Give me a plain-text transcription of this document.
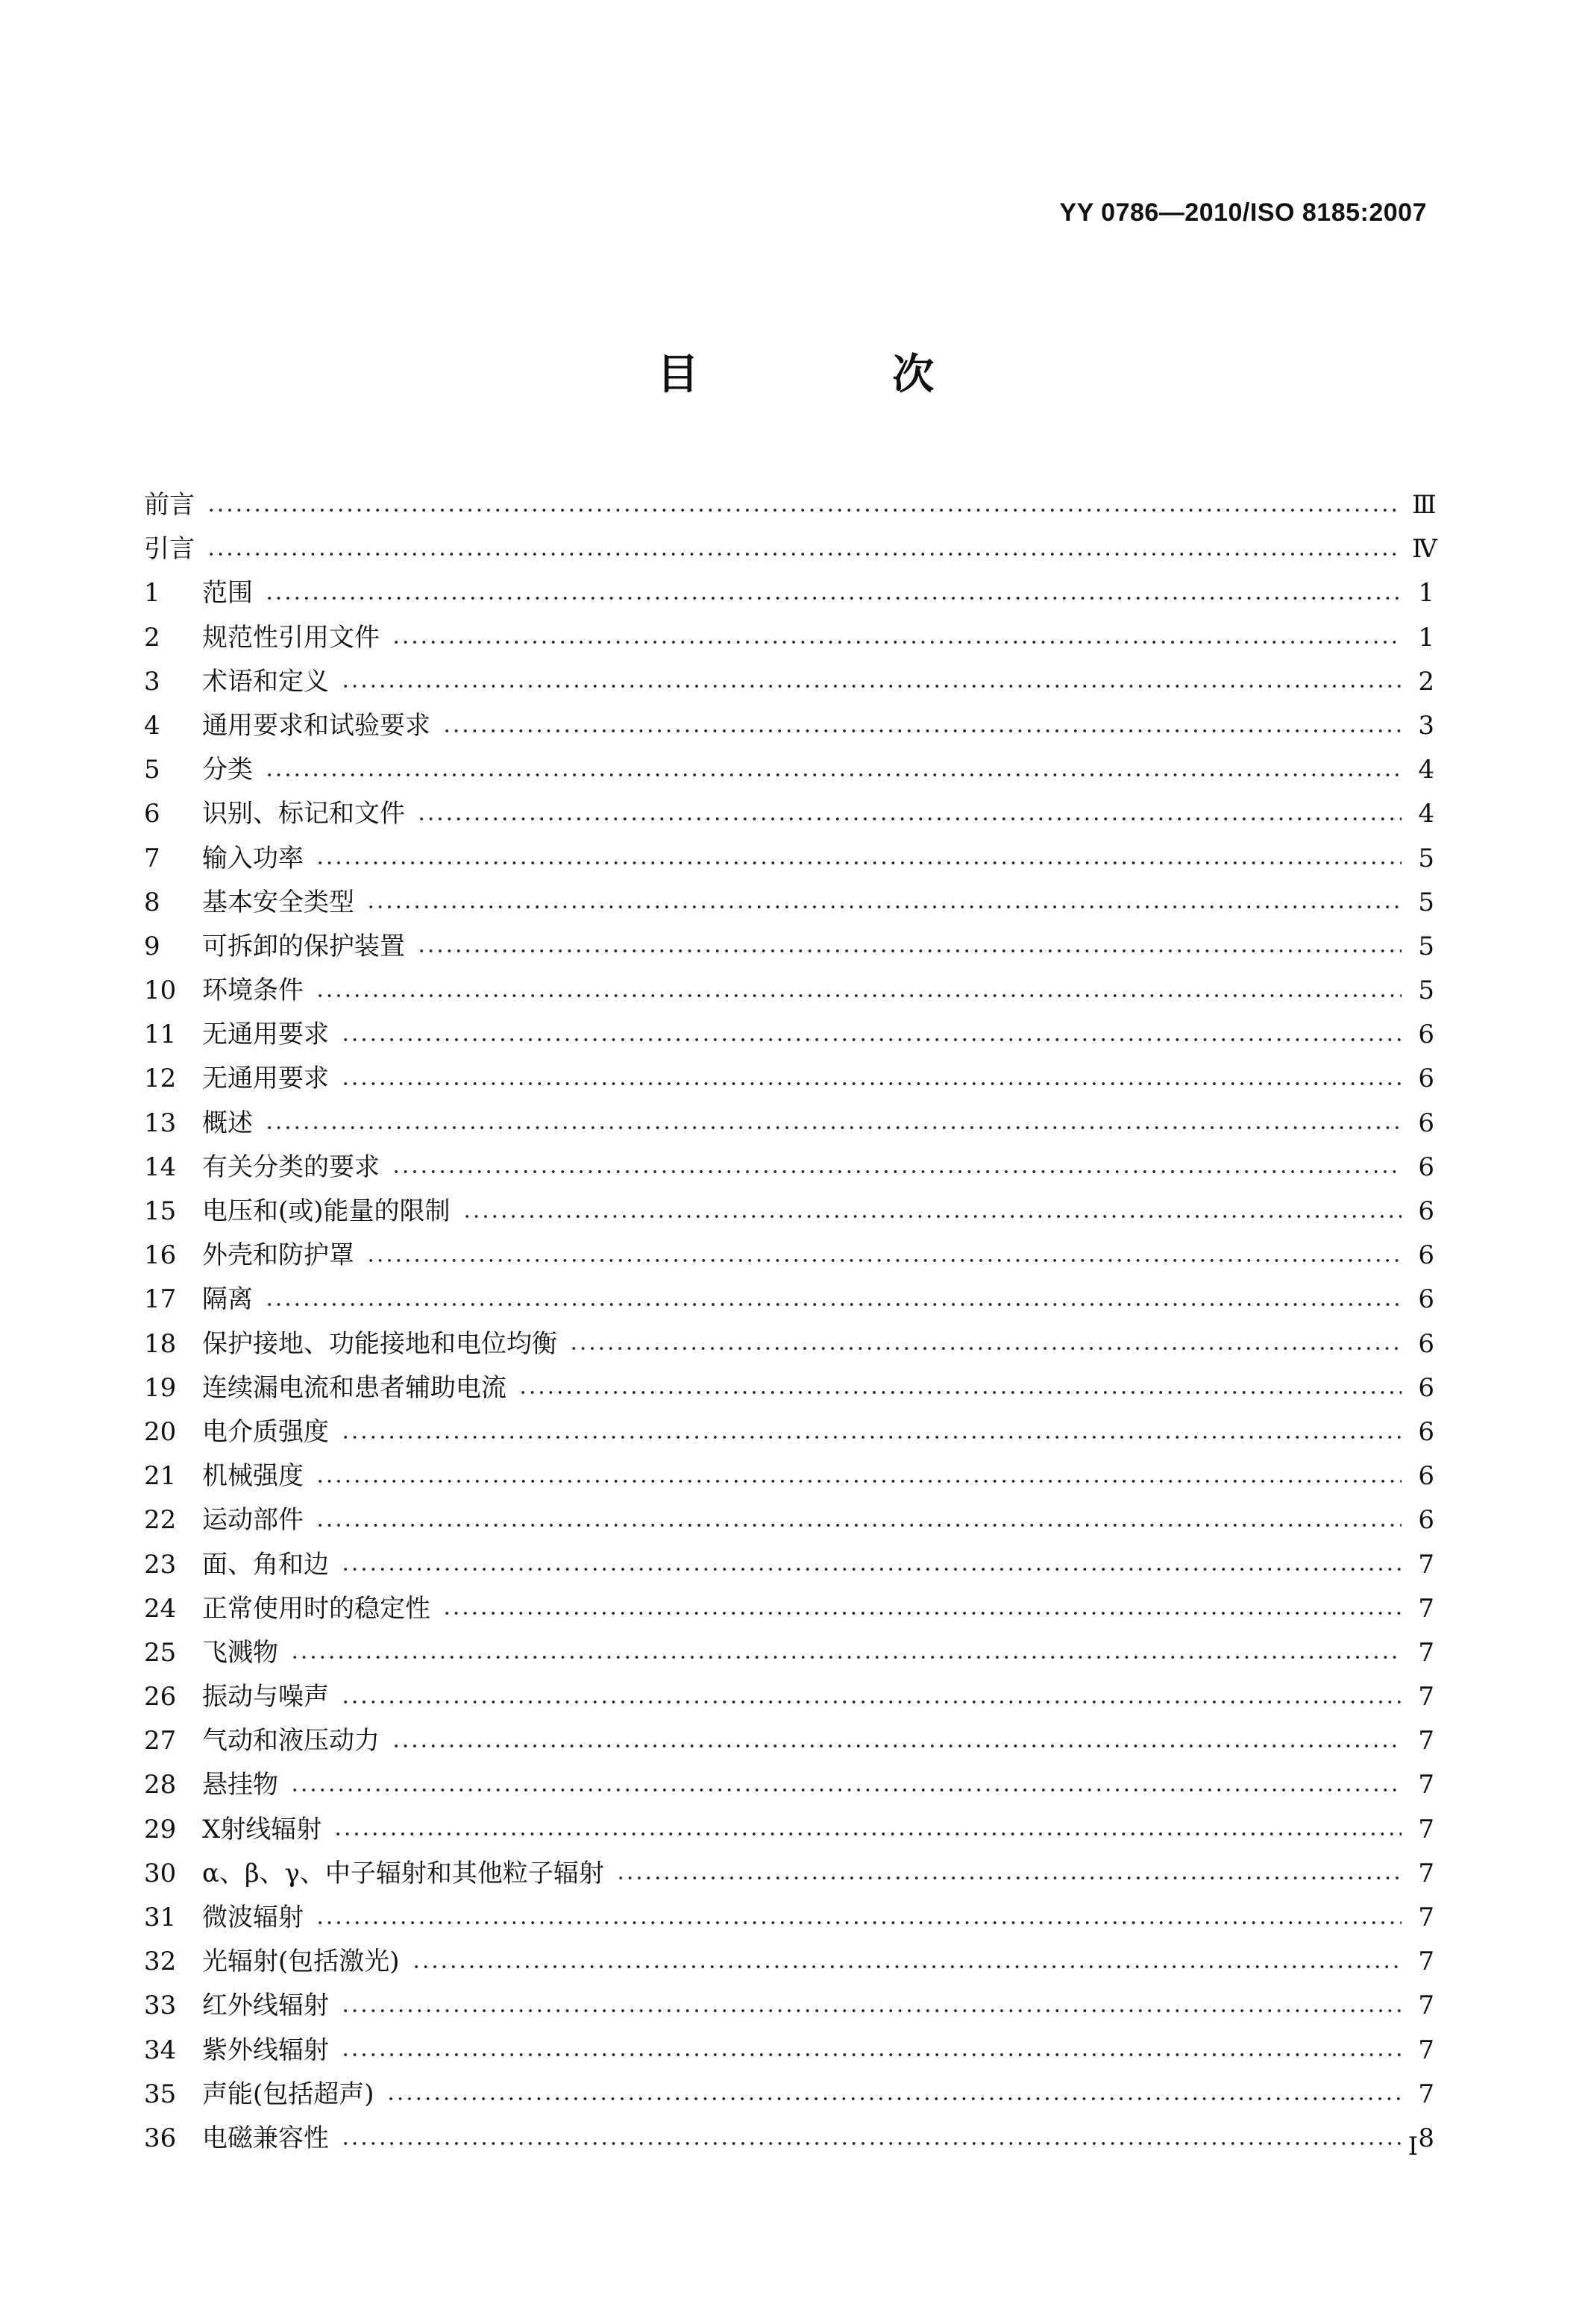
YY 0786—2010/ISO 8185:2007
目 次
前言	Ⅲ
引言	Ⅳ
1	范围	1
2	规范性引用文件	1
3	术语和定义	2
4	通用要求和试验要求	3
5	分类	4
6	识别、标记和文件	4
7	输入功率	5
8	基本安全类型	5
9	可拆卸的保护装置	5
10	环境条件	5
11	无通用要求	6
12	无通用要求	6
13	概述	6
14	有关分类的要求	6
15	电压和(或)能量的限制	6
16	外壳和防护罩	6
17	隔离	6
18	保护接地、功能接地和电位均衡	6
19	连续漏电流和患者辅助电流	6
20	电介质强度	6
21	机械强度	6
22	运动部件	6
23	面、角和边	7
24	正常使用时的稳定性	7
25	飞溅物	7
26	振动与噪声	7
27	气动和液压动力	7
28	悬挂物	7
29	X射线辐射	7
30	α、β、γ、中子辐射和其他粒子辐射	7
31	微波辐射	7
32	光辐射(包括激光)	7
33	红外线辐射	7
34	紫外线辐射	7
35	声能(包括超声)	7
36	电磁兼容性	8
I
